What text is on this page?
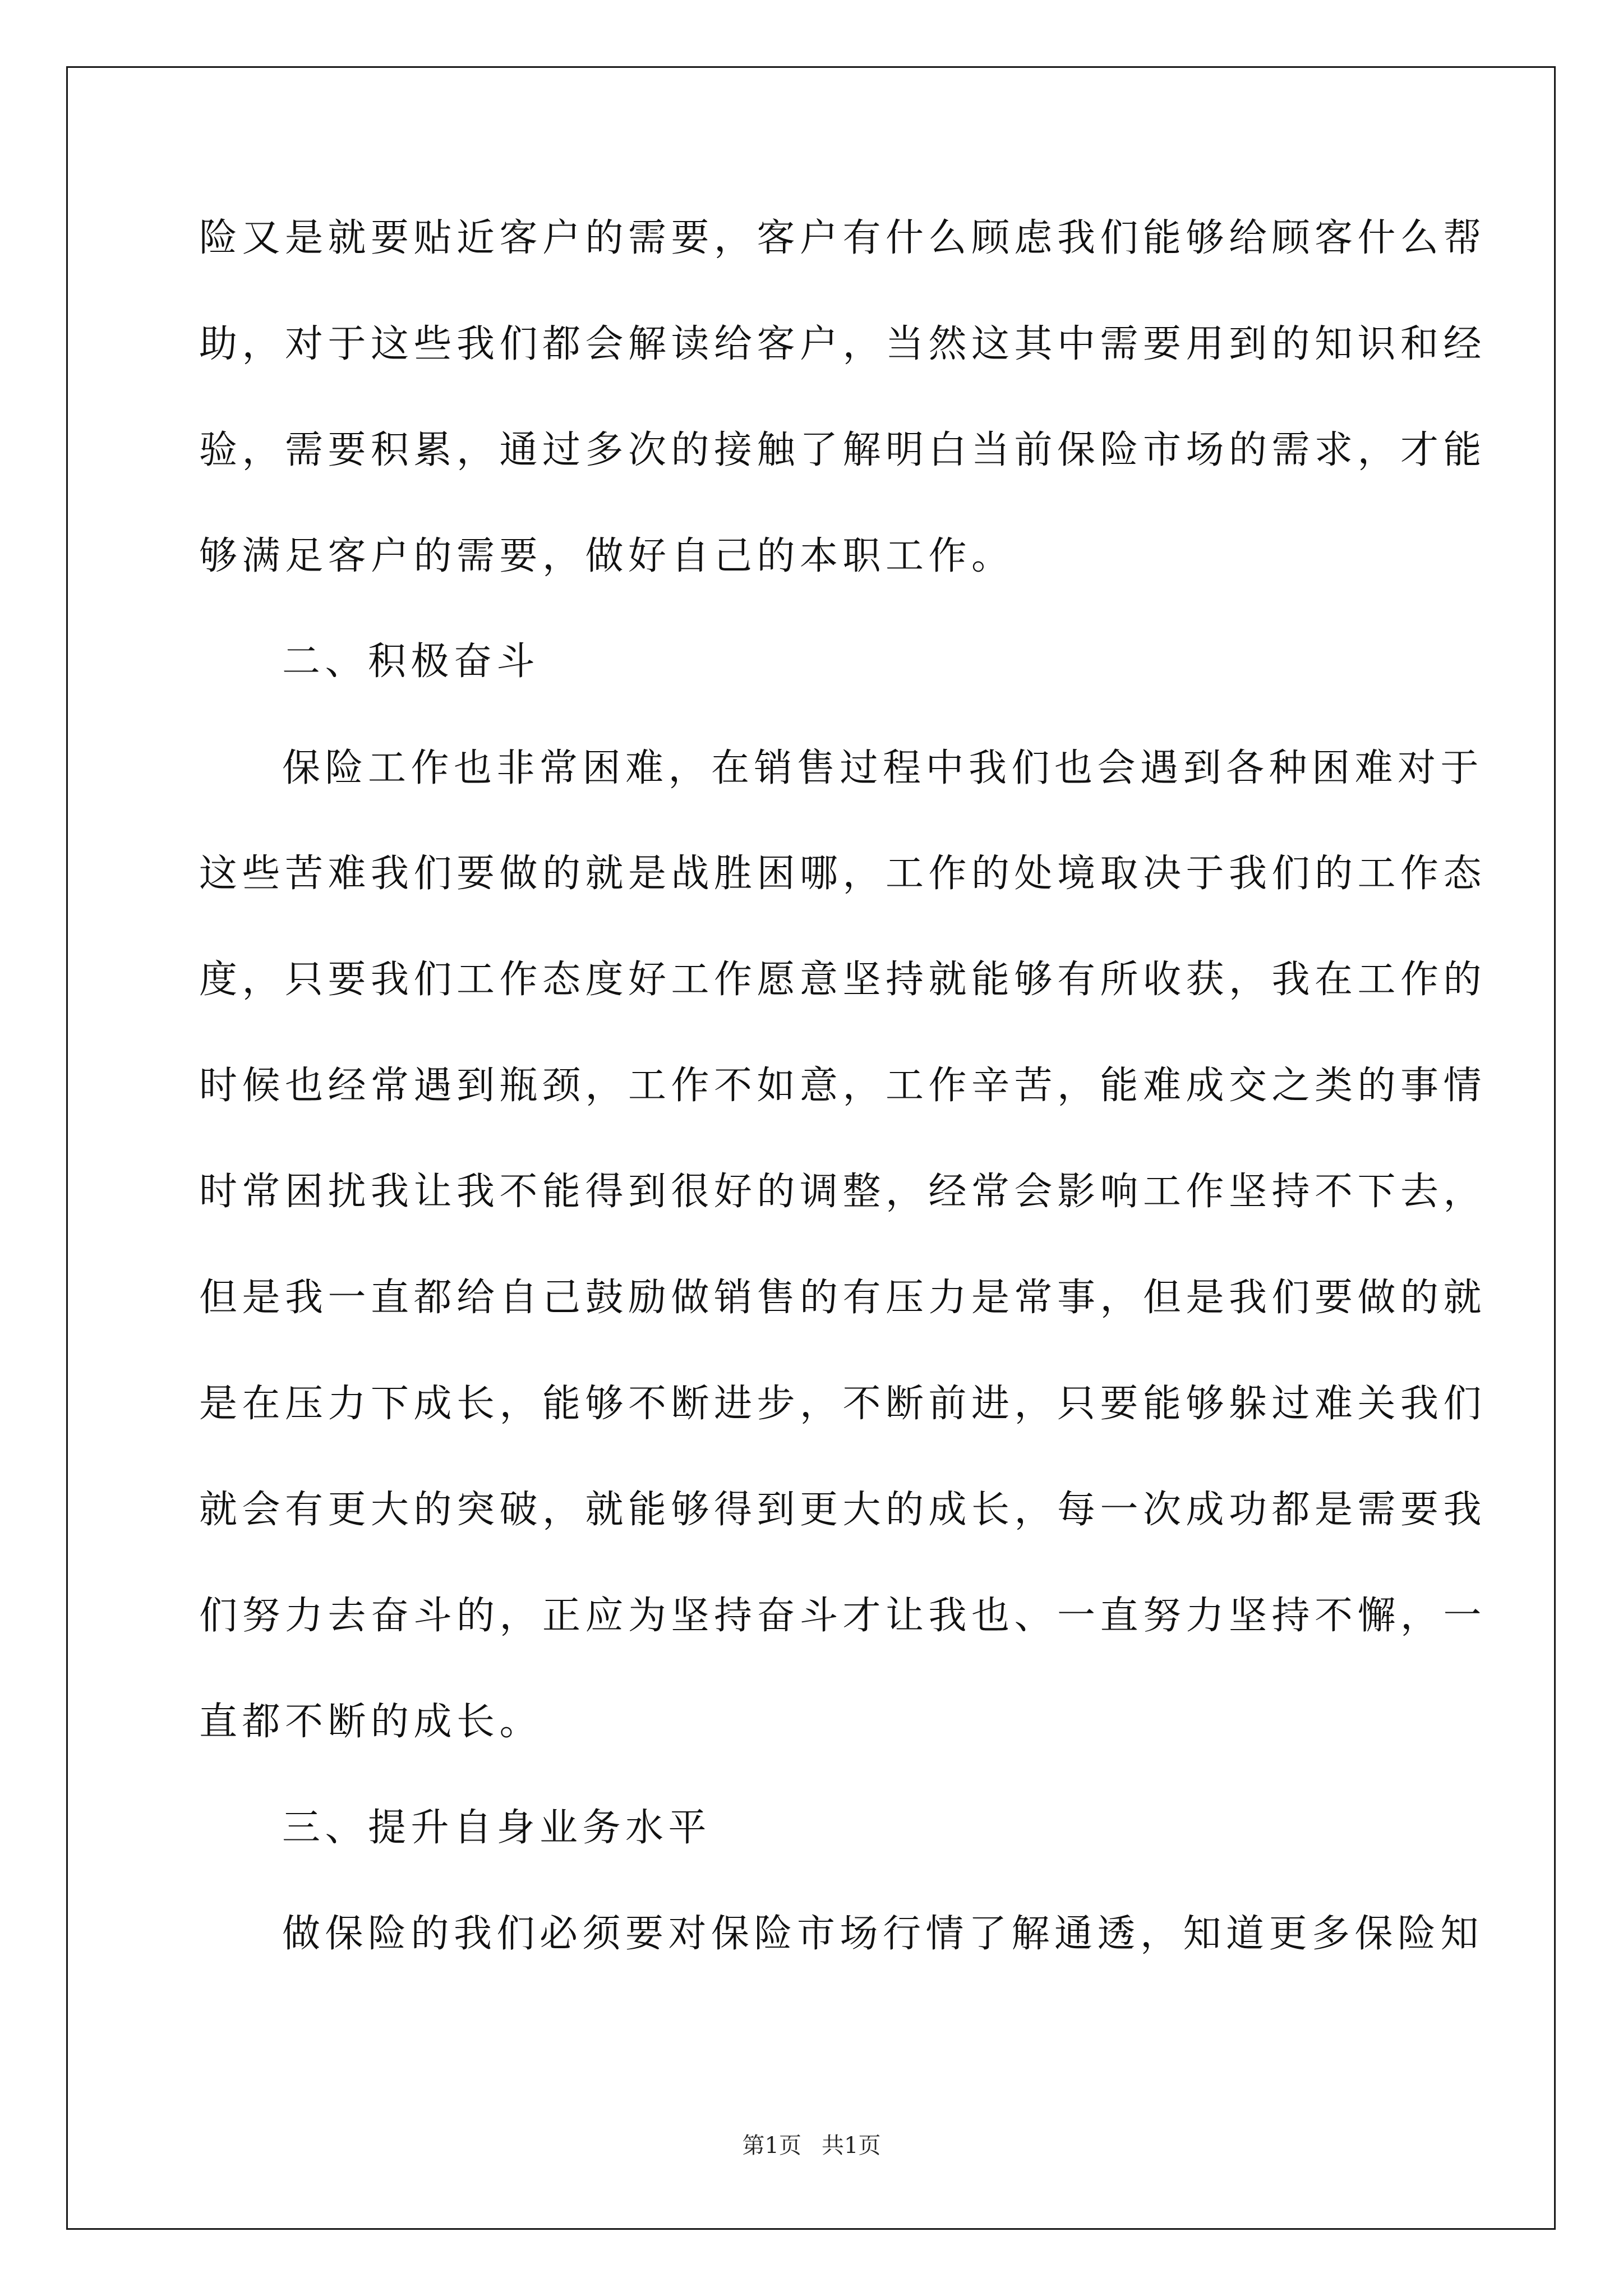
险又是就要贴近客户的需要，客户有什么顾虑我们能够给顾客什么帮
助，对于这些我们都会解读给客户，当然这其中需要用到的知识和经
验，需要积累，通过多次的接触了解明白当前保险市场的需求，才能
够满足客户的需要，做好自己的本职工作。
二、积极奋斗
保险工作也非常困难，在销售过程中我们也会遇到各种困难对于
这些苦难我们要做的就是战胜困哪，工作的处境取决于我们的工作态
度，只要我们工作态度好工作愿意坚持就能够有所收获，我在工作的
时候也经常遇到瓶颈，工作不如意，工作辛苦，能难成交之类的事情
时常困扰我让我不能得到很好的调整，经常会影响工作坚持不下去，
但是我一直都给自己鼓励做销售的有压力是常事，但是我们要做的就
是在压力下成长，能够不断进步，不断前进，只要能够躲过难关我们
就会有更大的突破，就能够得到更大的成长，每一次成功都是需要我
们努力去奋斗的，正应为坚持奋斗才让我也、一直努力坚持不懈，一
直都不断的成长。
三、提升自身业务水平
做保险的我们必须要对保险市场行情了解通透，知道更多保险知
第1页 共1页
